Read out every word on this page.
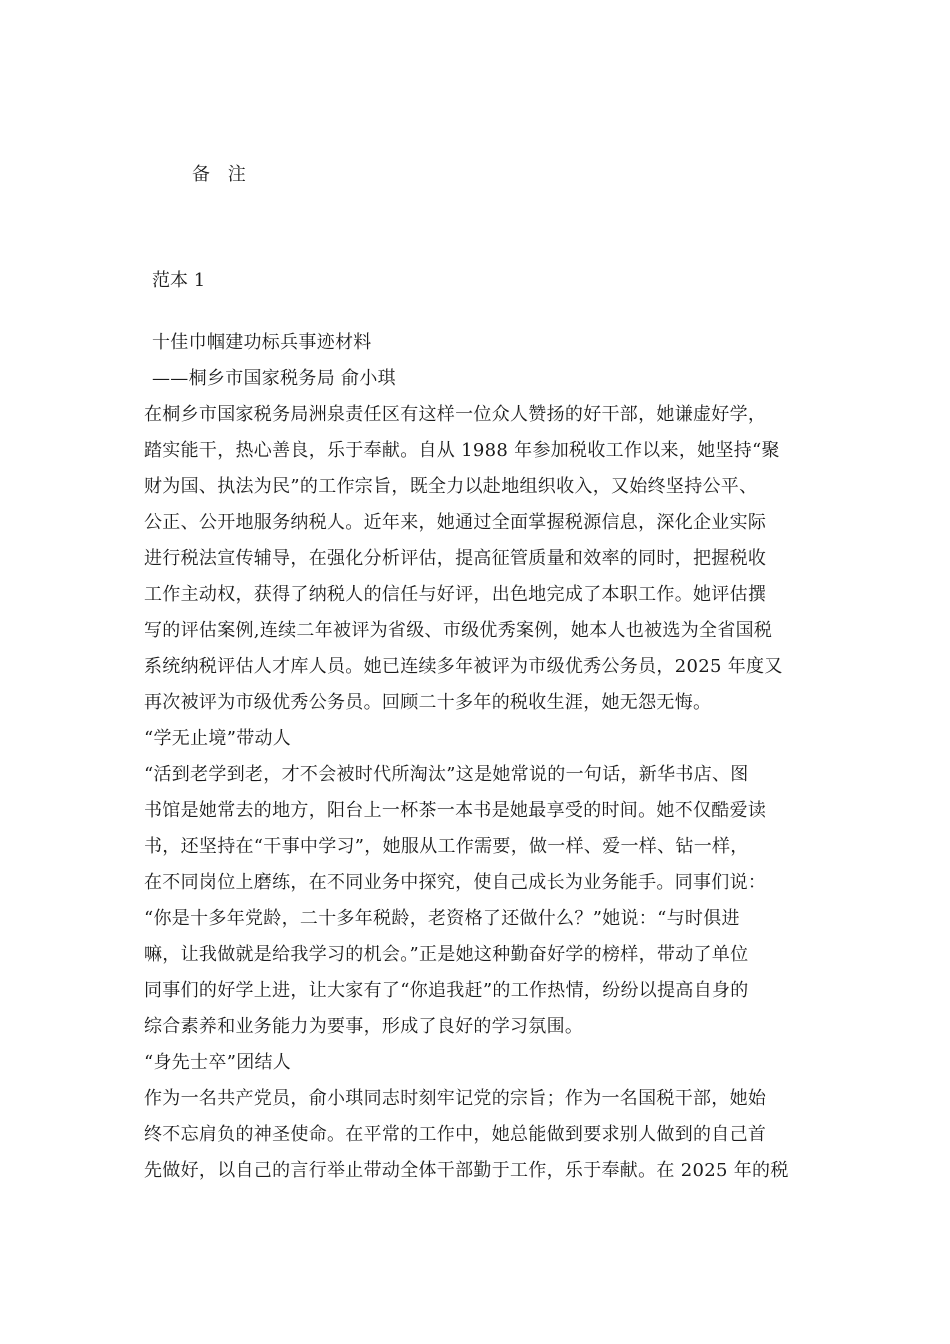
备 注
范本 1
十佳巾帼建功标兵事迹材料
——桐乡市国家税务局 俞小琪
在桐乡市国家税务局洲泉责任区有这样一位众人赞扬的好干部，她谦虚好学，
踏实能干，热心善良，乐于奉献。自从 1988 年参加税收工作以来，她坚持“聚
财为国、执法为民”的工作宗旨，既全力以赴地组织收入，又始终坚持公平、
公正、公开地服务纳税人。近年来，她通过全面掌握税源信息，深化企业实际
进行税法宣传辅导，在强化分析评估，提高征管质量和效率的同时，把握税收
工作主动权，获得了纳税人的信任与好评，出色地完成了本职工作。她评估撰
写的评估案例,连续二年被评为省级、市级优秀案例，她本人也被选为全省国税
系统纳税评估人才库人员。她已连续多年被评为市级优秀公务员，2025 年度又
再次被评为市级优秀公务员。回顾二十多年的税收生涯，她无怨无悔。
“学无止境”带动人
“活到老学到老，才不会被时代所淘汰”这是她常说的一句话，新华书店、图
书馆是她常去的地方，阳台上一杯茶一本书是她最享受的时间。她不仅酷爱读
书，还坚持在“干事中学习”，她服从工作需要，做一样、爱一样、钻一样，
在不同岗位上磨练，在不同业务中探究，使自己成长为业务能手。同事们说：
“你是十多年党龄，二十多年税龄，老资格了还做什么？”她说：“与时俱进
嘛，让我做就是给我学习的机会。”正是她这种勤奋好学的榜样，带动了单位
同事们的好学上进，让大家有了“你追我赶”的工作热情，纷纷以提高自身的
综合素养和业务能力为要事，形成了良好的学习氛围。
“身先士卒”团结人
作为一名共产党员，俞小琪同志时刻牢记党的宗旨；作为一名国税干部，她始
终不忘肩负的神圣使命。在平常的工作中，她总能做到要求别人做到的自己首
先做好，以自己的言行举止带动全体干部勤于工作，乐于奉献。在 2025 年的税
